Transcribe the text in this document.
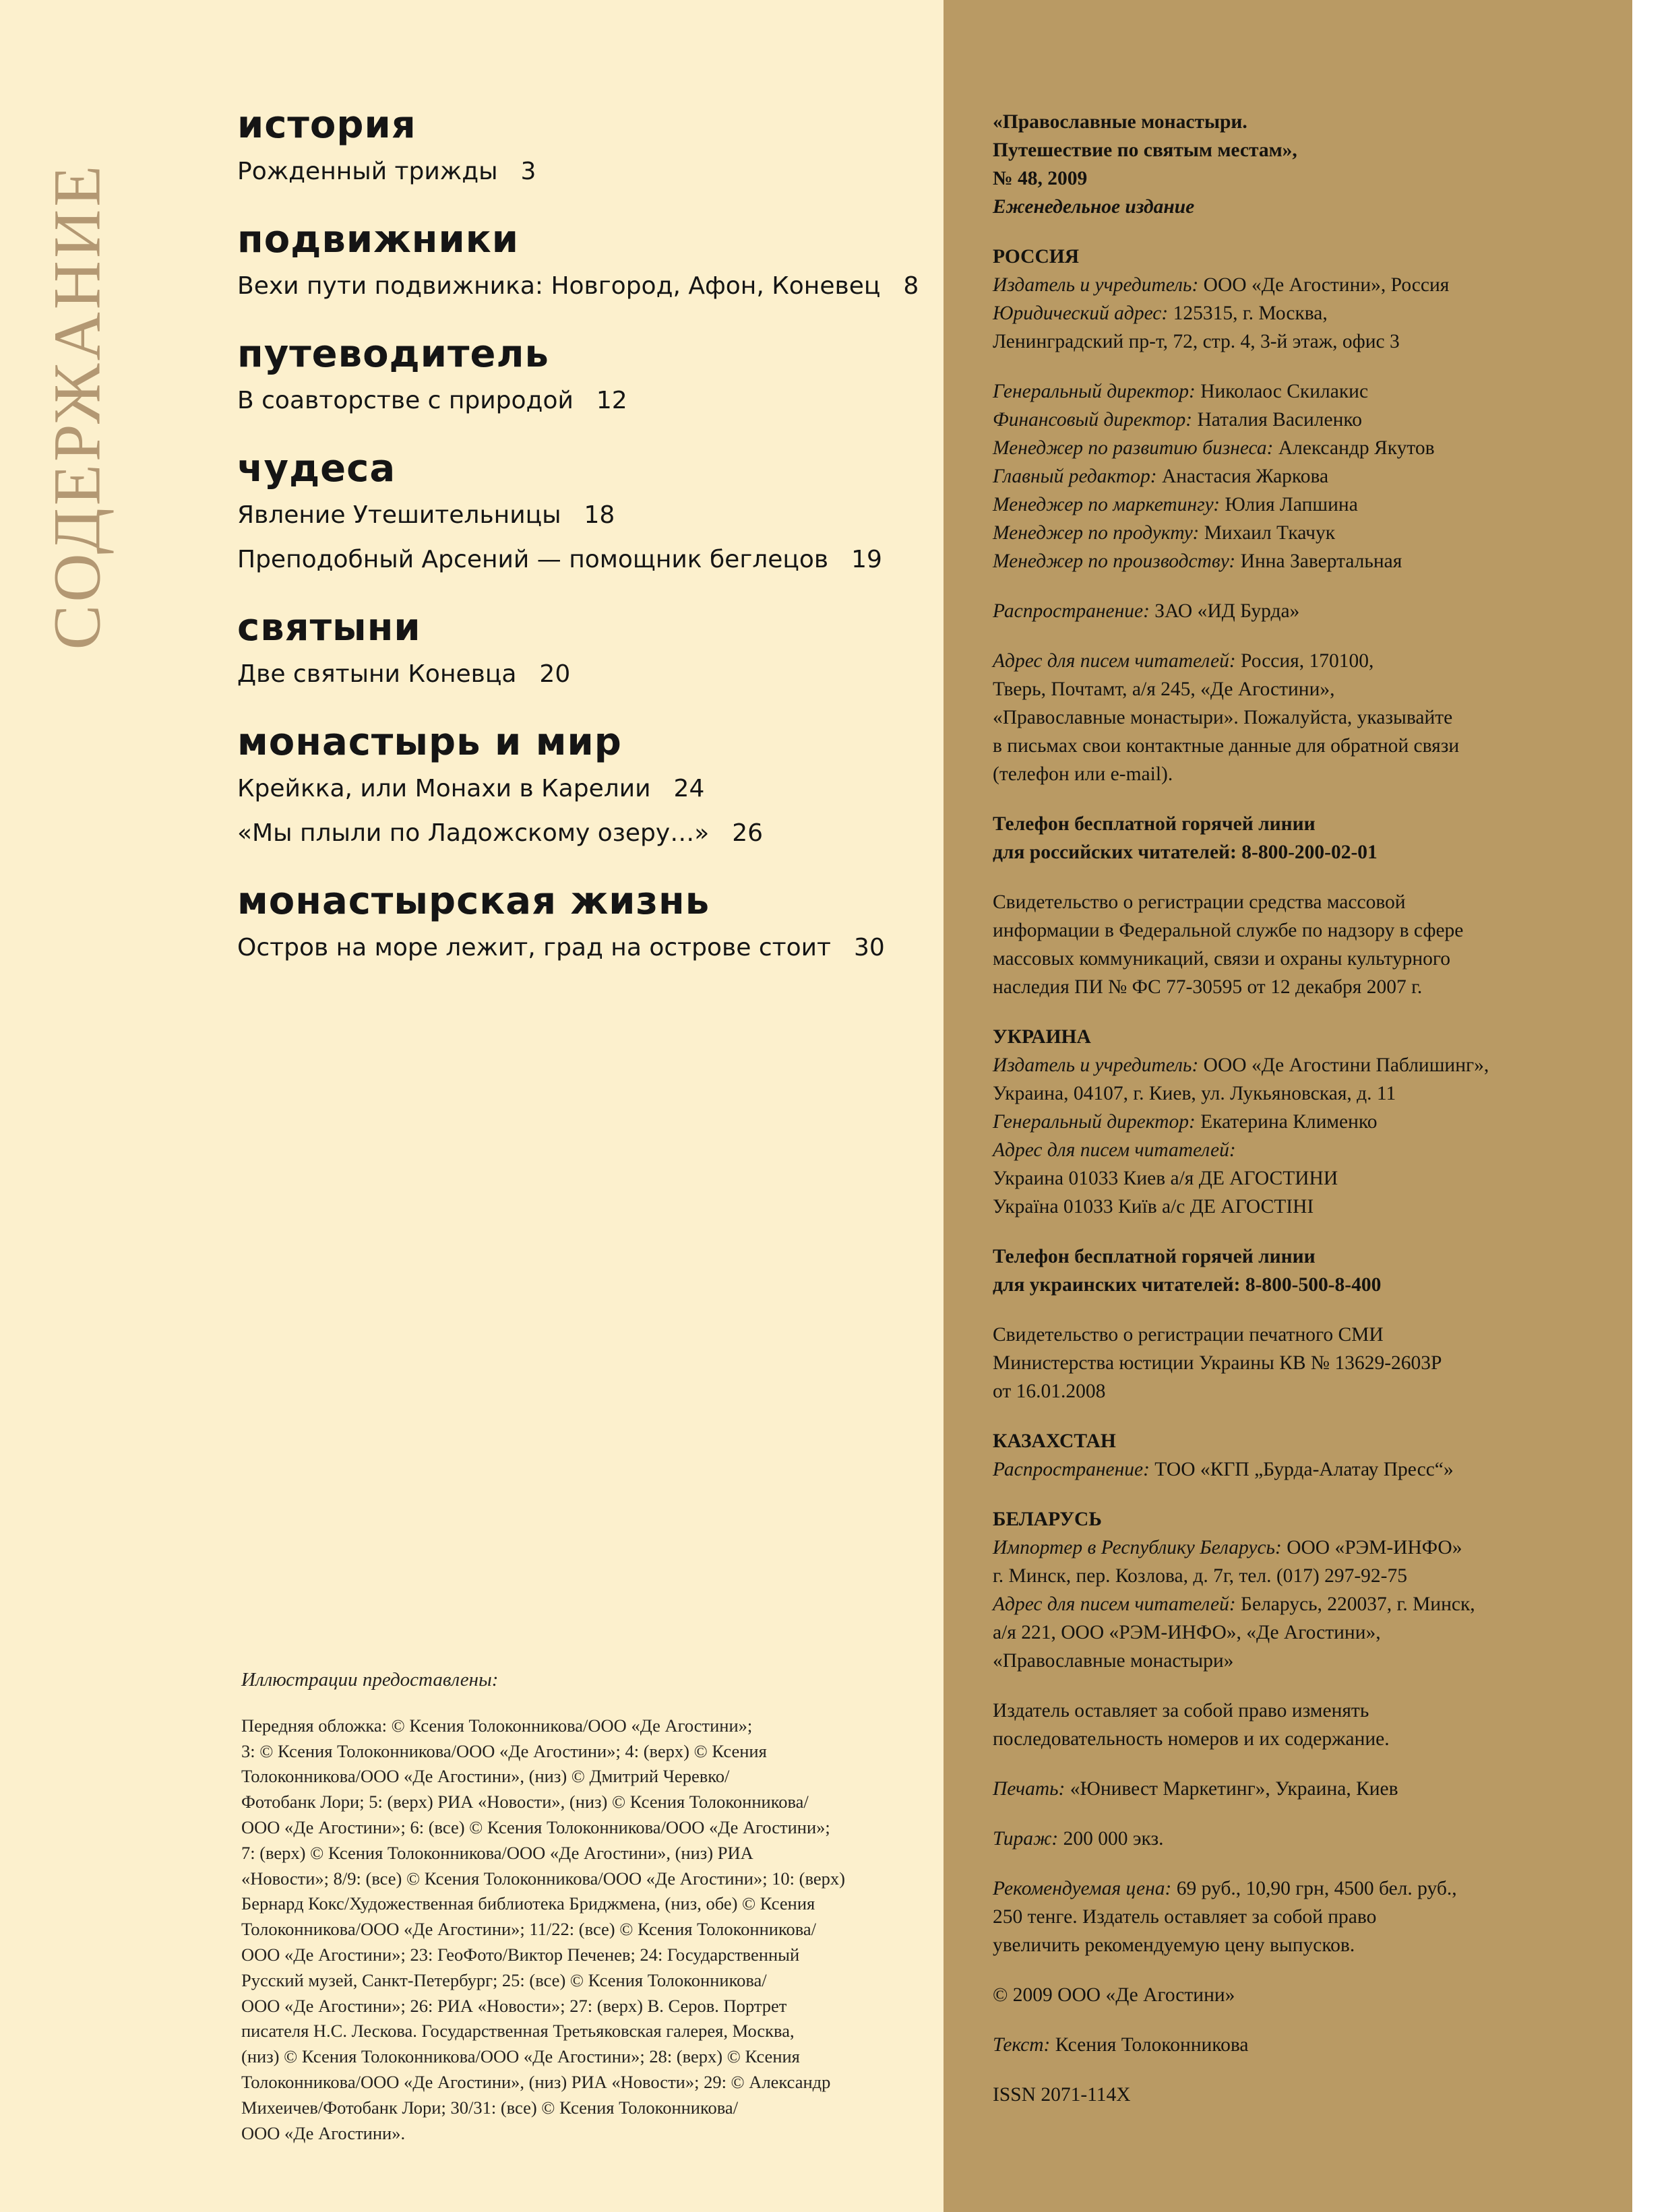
СОДЕРЖАНИЕ
история
Рожденный трижды 3
подвижники
Вехи пути подвижника: Новгород, Афон, Коневец 8
путеводитель
В соавторстве с природой 12
чудеса
Явление Утешительницы 18
Преподобный Арсений — помощник беглецов 19
святыни
Две святыни Коневца 20
монастырь и мир
Крейкка, или Монахи в Карелии 24
«Мы плыли по Ладожскому озеру…» 26
монастырская жизнь
Остров на море лежит, град на острове стоит 30
Иллюстрации предоставлены:
Передняя обложка: © Ксения Толоконникова/ООО «Де Агостини»;
3: © Ксения Толоконникова/ООО «Де Агостини»; 4: (верх) © Ксения
Толоконникова/ООО «Де Агостини», (низ) © Дмитрий Черевко/
Фотобанк Лори; 5: (верх) РИА «Новости», (низ) © Ксения Толоконникова/
ООО «Де Агостини»; 6: (все) © Ксения Толоконникова/ООО «Де Агостини»;
7: (верх) © Ксения Толоконникова/ООО «Де Агостини», (низ) РИА
«Новости»; 8/9: (все) © Ксения Толоконникова/ООО «Де Агостини»; 10: (верх)
Бернард Кокс/Художественная библиотека Бриджмена, (низ, обе) © Ксения
Толоконникова/ООО «Де Агостини»; 11/22: (все) © Ксения Толоконникова/
ООО «Де Агостини»; 23: ГеоФото/Виктор Печенев; 24: Государственный
Русский музей, Санкт-Петербург; 25: (все) © Ксения Толоконникова/
ООО «Де Агостини»; 26: РИА «Новости»; 27: (верх) В. Серов. Портрет
писателя Н.С. Лескова. Государственная Третьяковская галерея, Москва,
(низ) © Ксения Толоконникова/ООО «Де Агостини»; 28: (верх) © Ксения
Толоконникова/ООО «Де Агостини», (низ) РИА «Новости»; 29: © Александр
Михеичев/Фотобанк Лори; 30/31: (все) © Ксения Толоконникова/
ООО «Де Агостини».
«Православные монастыри.
Путешествие по святым местам»,
№ 48, 2009
Еженедельное издание
РОССИЯ
Издатель и учредитель: ООО «Де Агостини», Россия
Юридический адрес: 125315, г. Москва,
Ленинградский пр-т, 72, стр. 4, 3-й этаж, офис 3
Генеральный директор: Николаос Скилакис
Финансовый директор: Наталия Василенко
Менеджер по развитию бизнеса: Александр Якутов
Главный редактор: Анастасия Жаркова
Менеджер по маркетингу: Юлия Лапшина
Менеджер по продукту: Михаил Ткачук
Менеджер по производству: Инна Завертальная
Распространение: ЗАО «ИД Бурда»
Адрес для писем читателей: Россия, 170100,
Тверь, Почтамт, а/я 245, «Де Агостини»,
«Православные монастыри». Пожалуйста, указывайте
в письмах свои контактные данные для обратной связи
(телефон или e-mail).
Телефон бесплатной горячей линии
для российских читателей: 8-800-200-02-01
Свидетельство о регистрации средства массовой
информации в Федеральной службе по надзору в сфере
массовых коммуникаций, связи и охраны культурного
наследия ПИ № ФС 77-30595 от 12 декабря 2007 г.
УКРАИНА
Издатель и учредитель: ООО «Де Агостини Паблишинг»,
Украина, 04107, г. Киев, ул. Лукьяновская, д. 11
Генеральный директор: Екатерина Клименко
Адрес для писем читателей:
Украина 01033 Киев а/я ДЕ АГОСТИНИ
Україна 01033 Київ а/с ДЕ АГОСТІНІ
Телефон бесплатной горячей линии
для украинских читателей: 8-800-500-8-400
Свидетельство о регистрации печатного СМИ
Министерства юстиции Украины КВ № 13629-2603Р
от 16.01.2008
КАЗАХСТАН
Распространение: ТОО «КГП „Бурда-Алатау Пресс“»
БЕЛАРУСЬ
Импортер в Республику Беларусь: ООО «РЭМ-ИНФО»
г. Минск, пер. Козлова, д. 7г, тел. (017) 297-92-75
Адрес для писем читателей: Беларусь, 220037, г. Минск,
а/я 221, ООО «РЭМ-ИНФО», «Де Агостини»,
«Православные монастыри»
Издатель оставляет за собой право изменять
последовательность номеров и их содержание.
Печать: «Юнивест Маркетинг», Украина, Киев
Тираж: 200 000 экз.
Рекомендуемая цена: 69 руб., 10,90 грн, 4500 бел. руб.,
250 тенге. Издатель оставляет за собой право
увеличить рекомендуемую цену выпусков.
© 2009 ООО «Де Агостини»
Текст: Ксения Толоконникова
ISSN 2071-114X
